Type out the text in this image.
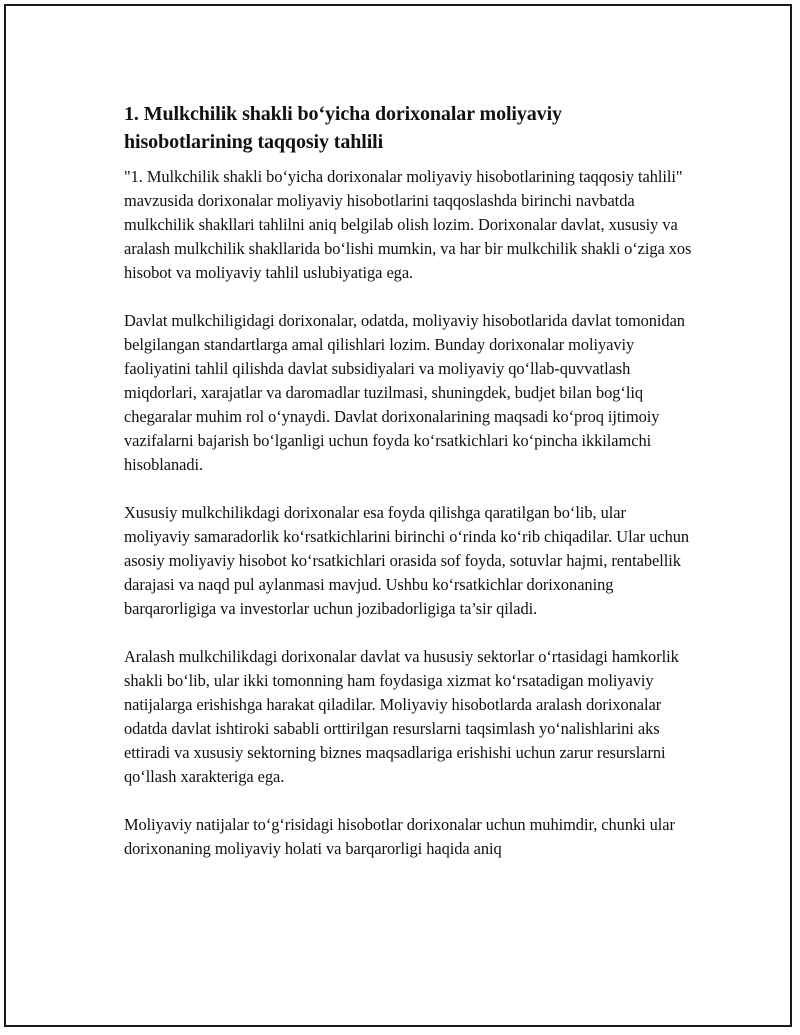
1. Mulkchilik shakli bo‘yicha dorixonalar moliyaviy hisobotlarining taqqosiy tahlili

"1. Mulkchilik shakli bo‘yicha dorixonalar moliyaviy hisobotlarining taqqosiy tahlili" mavzusida dorixonalar moliyaviy hisobotlarini taqqoslashda birinchi navbatda mulkchilik shakllari tahlilni aniq belgilab olish lozim. Dorixonalar davlat, xususiy va aralash mulkchilik shakllarida bo‘lishi mumkin, va har bir mulkchilik shakli o‘ziga xos hisobot va moliyaviy tahlil uslubiyatiga ega.

Davlat mulkchiligidagi dorixonalar, odatda, moliyaviy hisobotlarida davlat tomonidan belgilangan standartlarga amal qilishlari lozim. Bunday dorixonalar moliyaviy faoliyatini tahlil qilishda davlat subsidiyalari va moliyaviy qo‘llab-quvvatlash miqdorlari, xarajatlar va daromadlar tuzilmasi, shuningdek, budjet bilan bog‘liq chegaralar muhim rol o‘ynaydi. Davlat dorixonalarining maqsadi ko‘proq ijtimoiy vazifalarni bajarish bo‘lganligi uchun foyda ko‘rsatkichlari ko‘pincha ikkilamchi hisoblanadi.

Xususiy mulkchilikdagi dorixonalar esa foyda qilishga qaratilgan bo‘lib, ular moliyaviy samaradorlik ko‘rsatkichlarini birinchi o‘rinda ko‘rib chiqadilar. Ular uchun asosiy moliyaviy hisobot ko‘rsatkichlari orasida sof foyda, sotuvlar hajmi, rentabellik darajasi va naqd pul aylanmasi mavjud. Ushbu ko‘rsatkichlar dorixonaning barqarorligiga va investorlar uchun jozibadorligiga ta’sir qiladi.

Aralash mulkchilikdagi dorixonalar davlat va hususiy sektorlar o‘rtasidagi hamkorlik shakli bo‘lib, ular ikki tomonning ham foydasiga xizmat ko‘rsatadigan moliyaviy natijalarga erishishga harakat qiladilar. Moliyaviy hisobotlarda aralash dorixonalar odatda davlat ishtiroki sababli orttirilgan resurslarni taqsimlash yo‘nalishlarini aks ettiradi va xususiy sektorning biznes maqsadlariga erishishi uchun zarur resurslarni qo‘llash xarakteriga ega.

Moliyaviy natijalar to‘g‘risidagi hisobotlar dorixonalar uchun muhimdir, chunki ular dorixonaning moliyaviy holati va barqarorligi haqida aniq
